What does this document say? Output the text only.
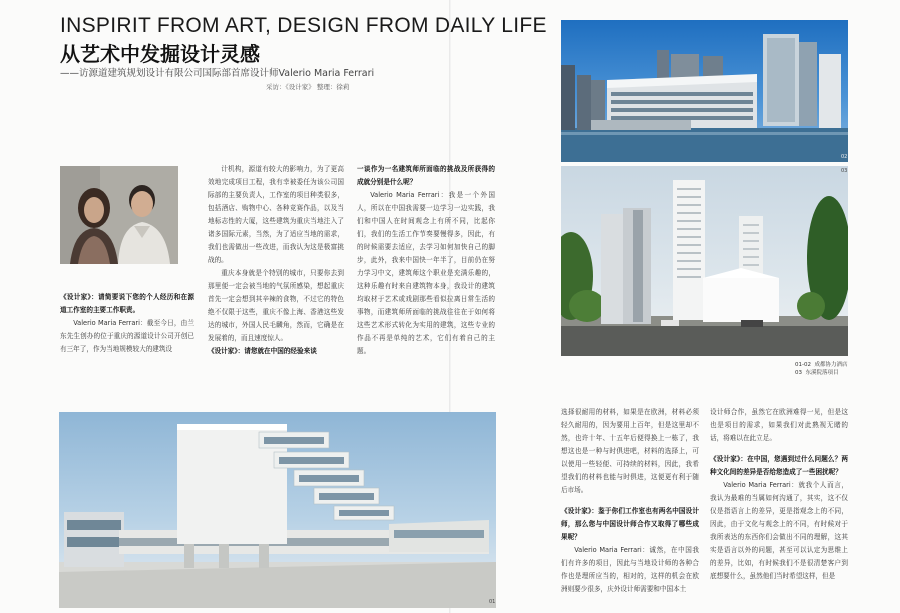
INSPIRIT FROM ART, DESIGN FROM DAILY LIFE
从艺术中发掘设计灵感
——访源道建筑规划设计有限公司国际部首席设计师Valerio Maria Ferrari
采访：《设计家》 整理：徐莉

《设计家》：请简要说下您的个人经历和在源道工作室的主要工作职责。

Valerio Maria Ferrari：截至今日，由兰东先生创办的位于重庆的源道设计公司开创已有三年了，作为当地规模较大的建筑设

计机构，源道有较大的影响力，为了更高效地完成项目工程，我有幸被委任为该公司国际部的主要负责人，工作室的项目种类很多，包括酒店、购物中心、各种竞赛作品，以及当地标志性的大厦，这些建筑为重庆当地注入了诸多国际元素，当然，为了适应当地的需求，我们也需做出一些改进，而我认为这是极富挑战的。

重庆本身就是个特别的城市，只要你去到那里便一定会被当地的气氛所感染，想起重庆首先一定会想到其辛辣的食物，不过它的特色绝不仅限于这些，重庆不像上海、香港这些发达的城市，外国人民毛麟角，然而，它确是在发展着的，而且速度惊人。

《设计家》：请您就在中国的经验来谈

一谈作为一名建筑师所面临的挑战及所获得的成就分别是什么呢？

Valerio Maria Ferrari：我是一个外国人，所以在中国我需要一边学习一边实践，我们和中国人在时间观念上有所不同，比起你们，我们的生活工作节奏要慢得多，因此，有的时候需要去适应，去学习如何加快自己的脚步，此外，我来中国快一年半了，目前仍在努力学习中文，建筑师这个职业是充满乐趣的，这种乐趣有时来自建筑物本身，我设计的建筑均取材于艺术或戏剧那些看似拉离日常生活的事物，而建筑师所面临的挑战往往在于如何将这些艺术形式转化为实用的建筑，这些专业的作品不再是单纯的艺术，它们有着自己的主题。

01
02
03
01-02  成都协力酒店
03  东溪院落项目

选择很耐用的材料，如果是在欧洲，材料必须轻久耐用的，因为要用上百年，但是这里却不然，也许十年、十五年后便得换上一栋了，我想这也是一种与时俱进吧，材料的选择上，可以使用一些轻便、可持续的材料，因此，我希望我们的材料也能与时俱进，这便更有利于随后市场。

《设计家》：鉴于你们工作室也有两名中国设计师，那么您与中国设计师合作又取得了哪些成果呢？

Valerio Maria Ferrari：诚然，在中国我们有许多的项目，因此与当地设计师的各种合作也是理所应当的，相对的，这样的机会在欧洲则要少很多，庆外设计师需要和中国本土

设计师合作，虽然它在欧洲难得一见，但是这也是项目的需求，如果我们对此熟视无睹的话，将难以在此立足。

《设计家》：在中国，您遇到过什么问题么？两种文化间的差异是否给您造成了一些困扰呢？

Valerio Maria Ferrari：就我个人而言，我认为最难的当属如何沟通了，其实，这不仅仅是指语言上的差异，更是指观念上的不同，因此，由于文化与观念上的不同，有时候对于我所表达的东西你们会做出不同的理解，这其实是语言以外的问题，甚至可以认定为思维上的差异，比如，有时候我们不是很清楚客户到底想要什么，虽然他们当时希望这样，但是
